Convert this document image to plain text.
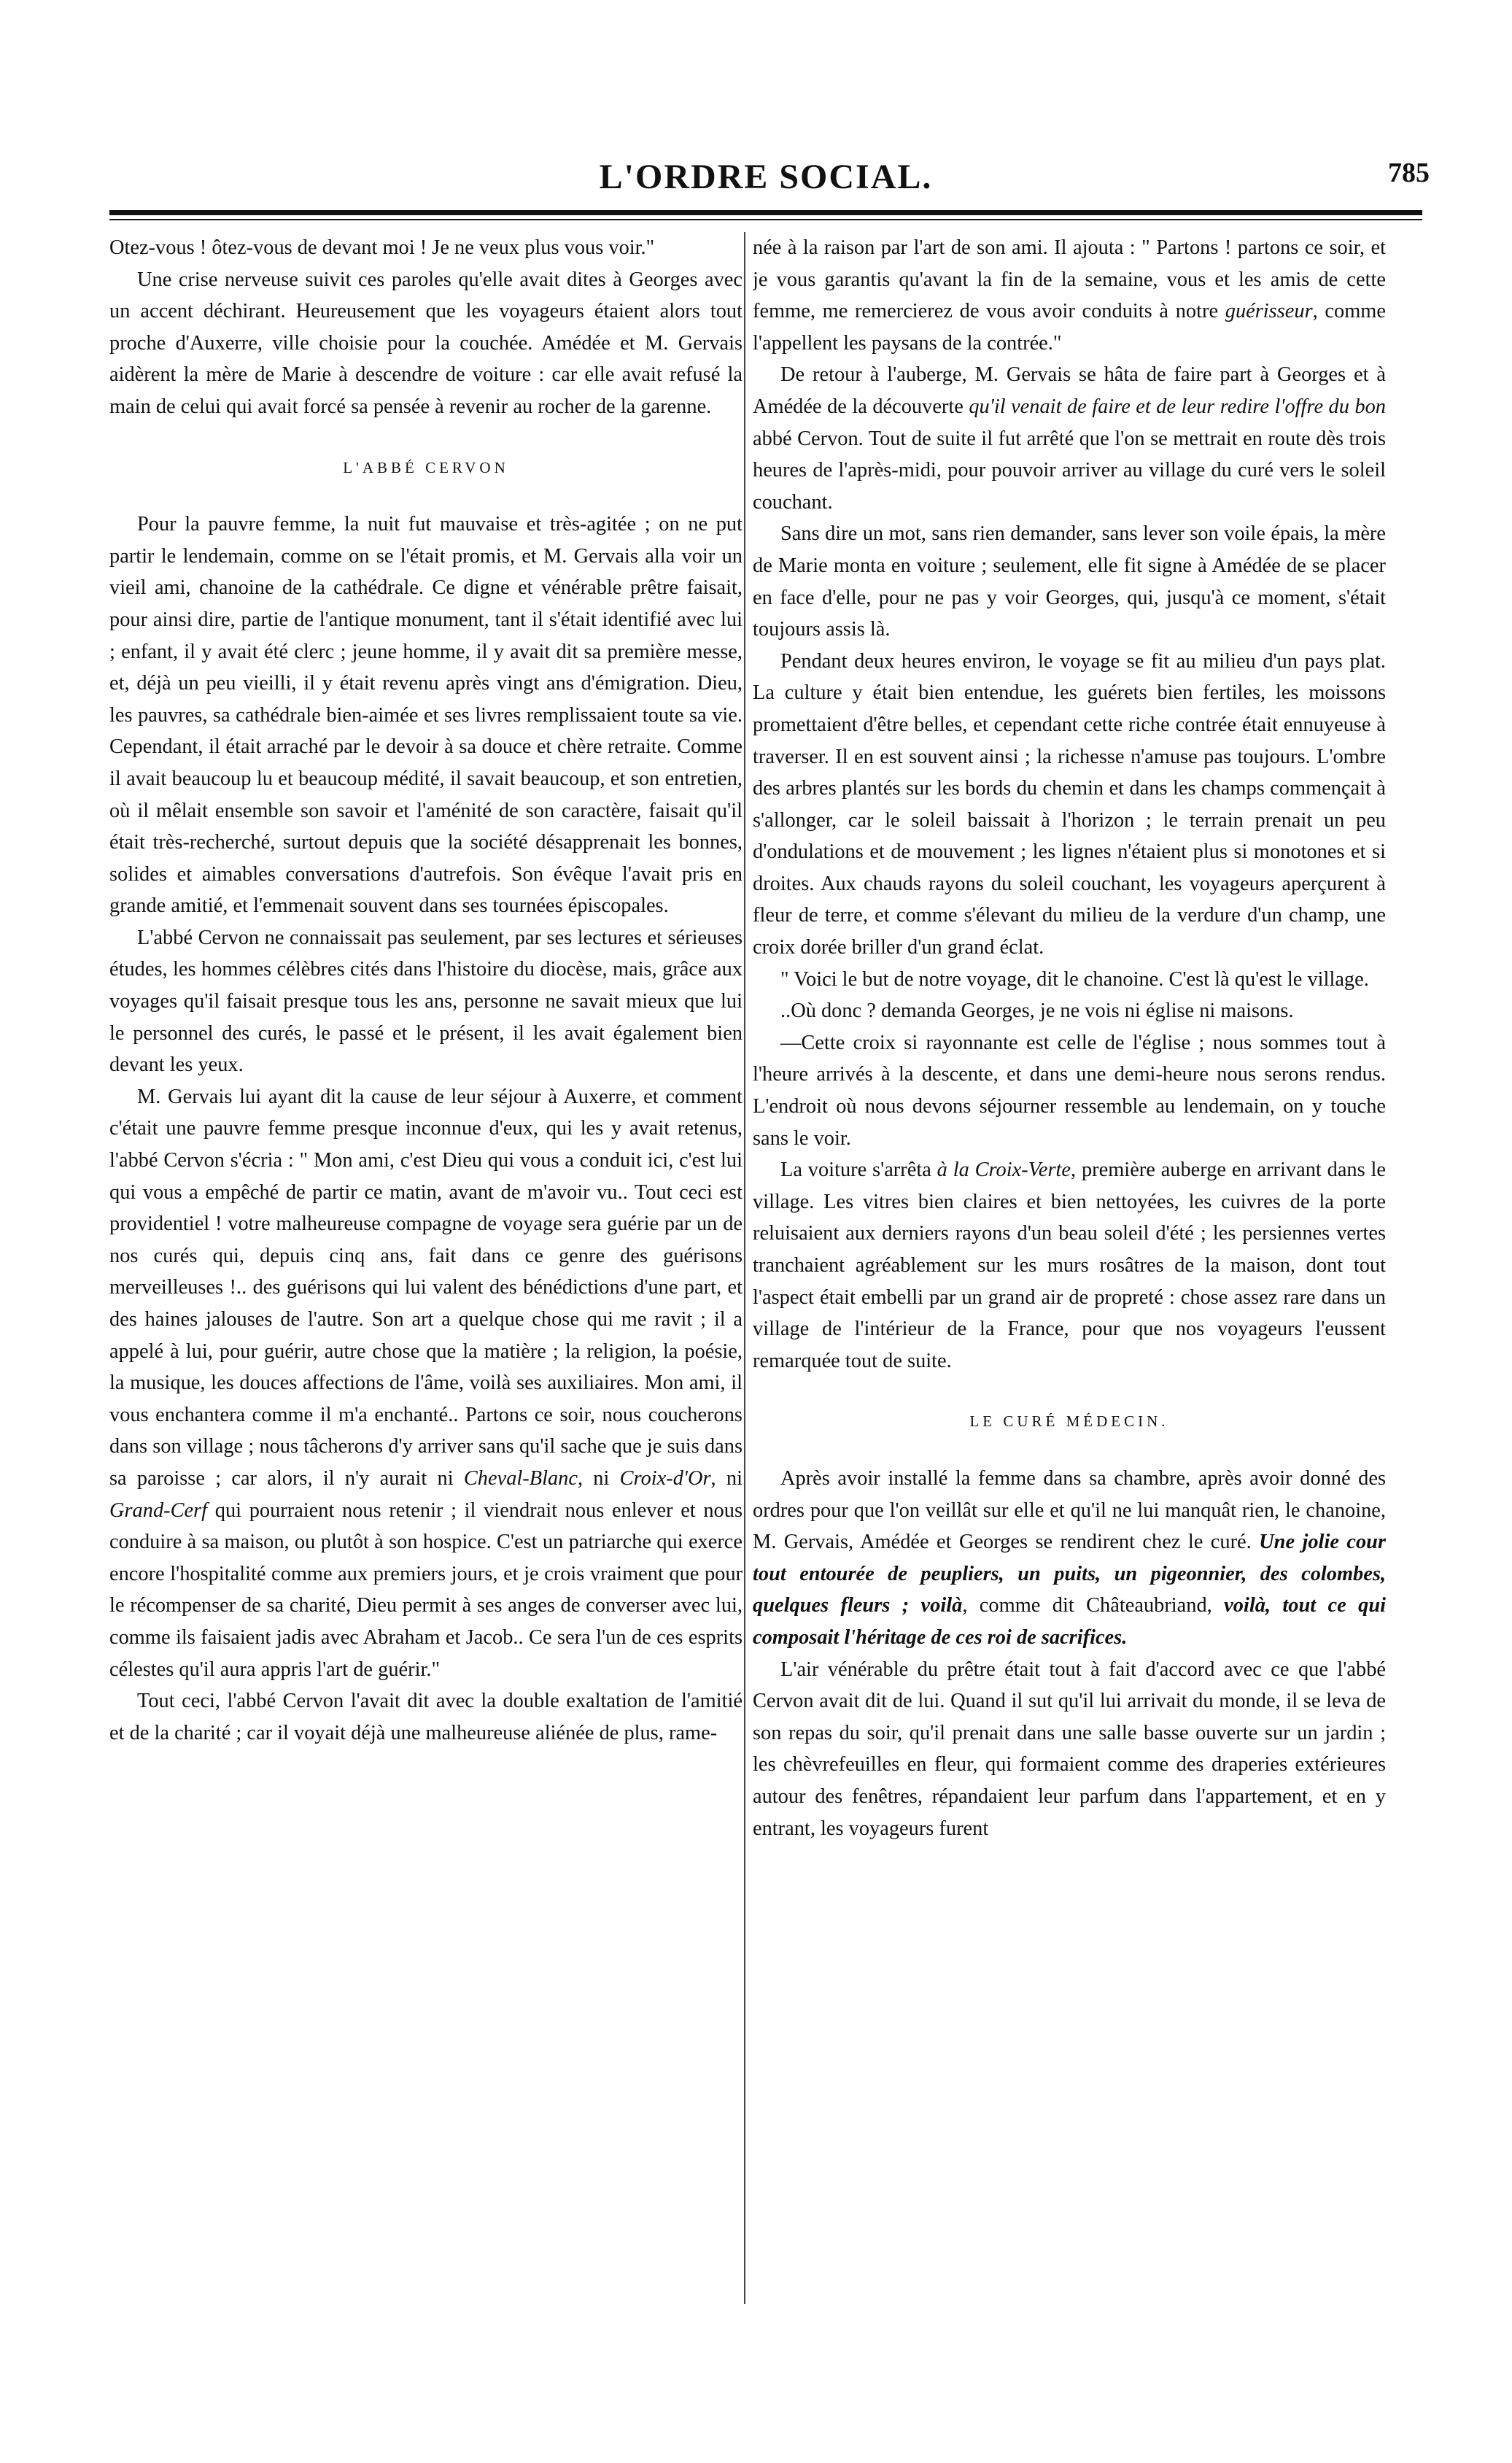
L'ORDRE SOCIAL.	785

Otez-vous ! ôtez-vous de devant moi ! Je ne veux plus vous voir."

Une crise nerveuse suivit ces paroles qu'elle avait dites à Georges avec un accent déchirant. Heureusement que les voyageurs étaient alors tout proche d'Auxerre, ville choisie pour la couchée. Amédée et M. Gervais aidèrent la mère de Marie à descendre de voiture : car elle avait refusé la main de celui qui avait forcé sa pensée à revenir au rocher de la garenne.

L'ABBÉ CERVON

Pour la pauvre femme, la nuit fut mauvaise et très-agitée ; on ne put partir le lendemain, comme on se l'était promis, et M. Gervais alla voir un vieil ami, chanoine de la cathédrale. Ce digne et vénérable prêtre faisait, pour ainsi dire, partie de l'antique monument, tant il s'était identifié avec lui ; enfant, il y avait été clerc ; jeune homme, il y avait dit sa première messe, et, déjà un peu vieilli, il y était revenu après vingt ans d'émigration. Dieu, les pauvres, sa cathédrale bien-aimée et ses livres remplissaient toute sa vie. Cependant, il était arraché par le devoir à sa douce et chère retraite. Comme il avait beaucoup lu et beaucoup médité, il savait beaucoup, et son entretien, où il mêlait ensemble son savoir et l'aménité de son caractère, faisait qu'il était très-recherché, surtout depuis que la société désapprenait les bonnes, solides et aimables conversations d'autrefois. Son évêque l'avait pris en grande amitié, et l'emmenait souvent dans ses tournées épiscopales.

L'abbé Cervon ne connaissait pas seulement, par ses lectures et sérieuses études, les hommes célèbres cités dans l'histoire du diocèse, mais, grâce aux voyages qu'il faisait presque tous les ans, personne ne savait mieux que lui le personnel des curés, le passé et le présent, il les avait également bien devant les yeux.

M. Gervais lui ayant dit la cause de leur séjour à Auxerre, et comment c'était une pauvre femme presque inconnue d'eux, qui les y avait retenus, l'abbé Cervon s'écria : " Mon ami, c'est Dieu qui vous a conduit ici, c'est lui qui vous a empêché de partir ce matin, avant de m'avoir vu.. Tout ceci est providentiel ! votre malheureuse compagne de voyage sera guérie par un de nos curés qui, depuis cinq ans, fait dans ce genre des guérisons merveilleuses !.. des guérisons qui lui valent des bénédictions d'une part, et des haines jalouses de l'autre. Son art a quelque chose qui me ravit ; il a appelé à lui, pour guérir, autre chose que la matière ; la religion, la poésie, la musique, les douces affections de l'âme, voilà ses auxiliaires. Mon ami, il vous enchantera comme il m'a enchanté.. Partons ce soir, nous coucherons dans son village ; nous tâcherons d'y arriver sans qu'il sache que je suis dans sa paroisse ; car alors, il n'y aurait ni Cheval-Blanc, ni Croix-d'Or, ni Grand-Cerf qui pourraient nous retenir ; il viendrait nous enlever et nous conduire à sa maison, ou plutôt à son hospice. C'est un patriarche qui exerce encore l'hospitalité comme aux premiers jours, et je crois vraiment que pour le récompenser de sa charité, Dieu permit à ses anges de converser avec lui, comme ils faisaient jadis avec Abraham et Jacob.. Ce sera l'un de ces esprits célestes qu'il aura appris l'art de guérir."

Tout ceci, l'abbé Cervon l'avait dit avec la double exaltation de l'amitié et de la charité ; car il voyait déjà une malheureuse aliénée de plus, rame-

née à la raison par l'art de son ami. Il ajouta : " Partons ! partons ce soir, et je vous garantis qu'avant la fin de la semaine, vous et les amis de cette femme, me remercierez de vous avoir conduits à notre guérisseur, comme l'appellent les paysans de la contrée."

De retour à l'auberge, M. Gervais se hâta de faire part à Georges et à Amédée de la découverte qu'il venait de faire et de leur redire l'offre du bon abbé Cervon. Tout de suite il fut arrêté que l'on se mettrait en route dès trois heures de l'après-midi, pour pouvoir arriver au village du curé vers le soleil couchant.

Sans dire un mot, sans rien demander, sans lever son voile épais, la mère de Marie monta en voiture ; seulement, elle fit signe à Amédée de se placer en face d'elle, pour ne pas y voir Georges, qui, jusqu'à ce moment, s'était toujours assis là.

Pendant deux heures environ, le voyage se fit au milieu d'un pays plat. La culture y était bien entendue, les guérets bien fertiles, les moissons promettaient d'être belles, et cependant cette riche contrée était ennuyeuse à traverser. Il en est souvent ainsi ; la richesse n'amuse pas toujours. L'ombre des arbres plantés sur les bords du chemin et dans les champs commençait à s'allonger, car le soleil baissait à l'horizon ; le terrain prenait un peu d'ondulations et de mouvement ; les lignes n'étaient plus si monotones et si droites. Aux chauds rayons du soleil couchant, les voyageurs aperçurent à fleur de terre, et comme s'élevant du milieu de la verdure d'un champ, une croix dorée briller d'un grand éclat.

" Voici le but de notre voyage, dit le chanoine. C'est là qu'est le village.

..Où donc ? demanda Georges, je ne vois ni église ni maisons.

—Cette croix si rayonnante est celle de l'église ; nous sommes tout à l'heure arrivés à la descente, et dans une demi-heure nous serons rendus. L'endroit où nous devons séjourner ressemble au lendemain, on y touche sans le voir.

La voiture s'arrêta à la Croix-Verte, première auberge en arrivant dans le village. Les vitres bien claires et bien nettoyées, les cuivres de la porte reluisaient aux derniers rayons d'un beau soleil d'été ; les persiennes vertes tranchaient agréablement sur les murs rosâtres de la maison, dont tout l'aspect était embelli par un grand air de propreté : chose assez rare dans un village de l'intérieur de la France, pour que nos voyageurs l'eussent remarquée tout de suite.

LE CURÉ MÉDECIN.

Après avoir installé la femme dans sa chambre, après avoir donné des ordres pour que l'on veillât sur elle et qu'il ne lui manquât rien, le chanoine, M. Gervais, Amédée et Georges se rendirent chez le curé. Une jolie cour tout entourée de peupliers, un puits, un pigeonnier, des colombes, quelques fleurs ; voilà, comme dit Châteaubriand, voilà, tout ce qui composait l'héritage de ces roi de sacrifices.

L'air vénérable du prêtre était tout à fait d'accord avec ce que l'abbé Cervon avait dit de lui. Quand il sut qu'il lui arrivait du monde, il se leva de son repas du soir, qu'il prenait dans une salle basse ouverte sur un jardin ; les chèvrefeuilles en fleur, qui formaient comme des draperies extérieures autour des fenêtres, répandaient leur parfum dans l'appartement, et en y entrant, les voyageurs furent
